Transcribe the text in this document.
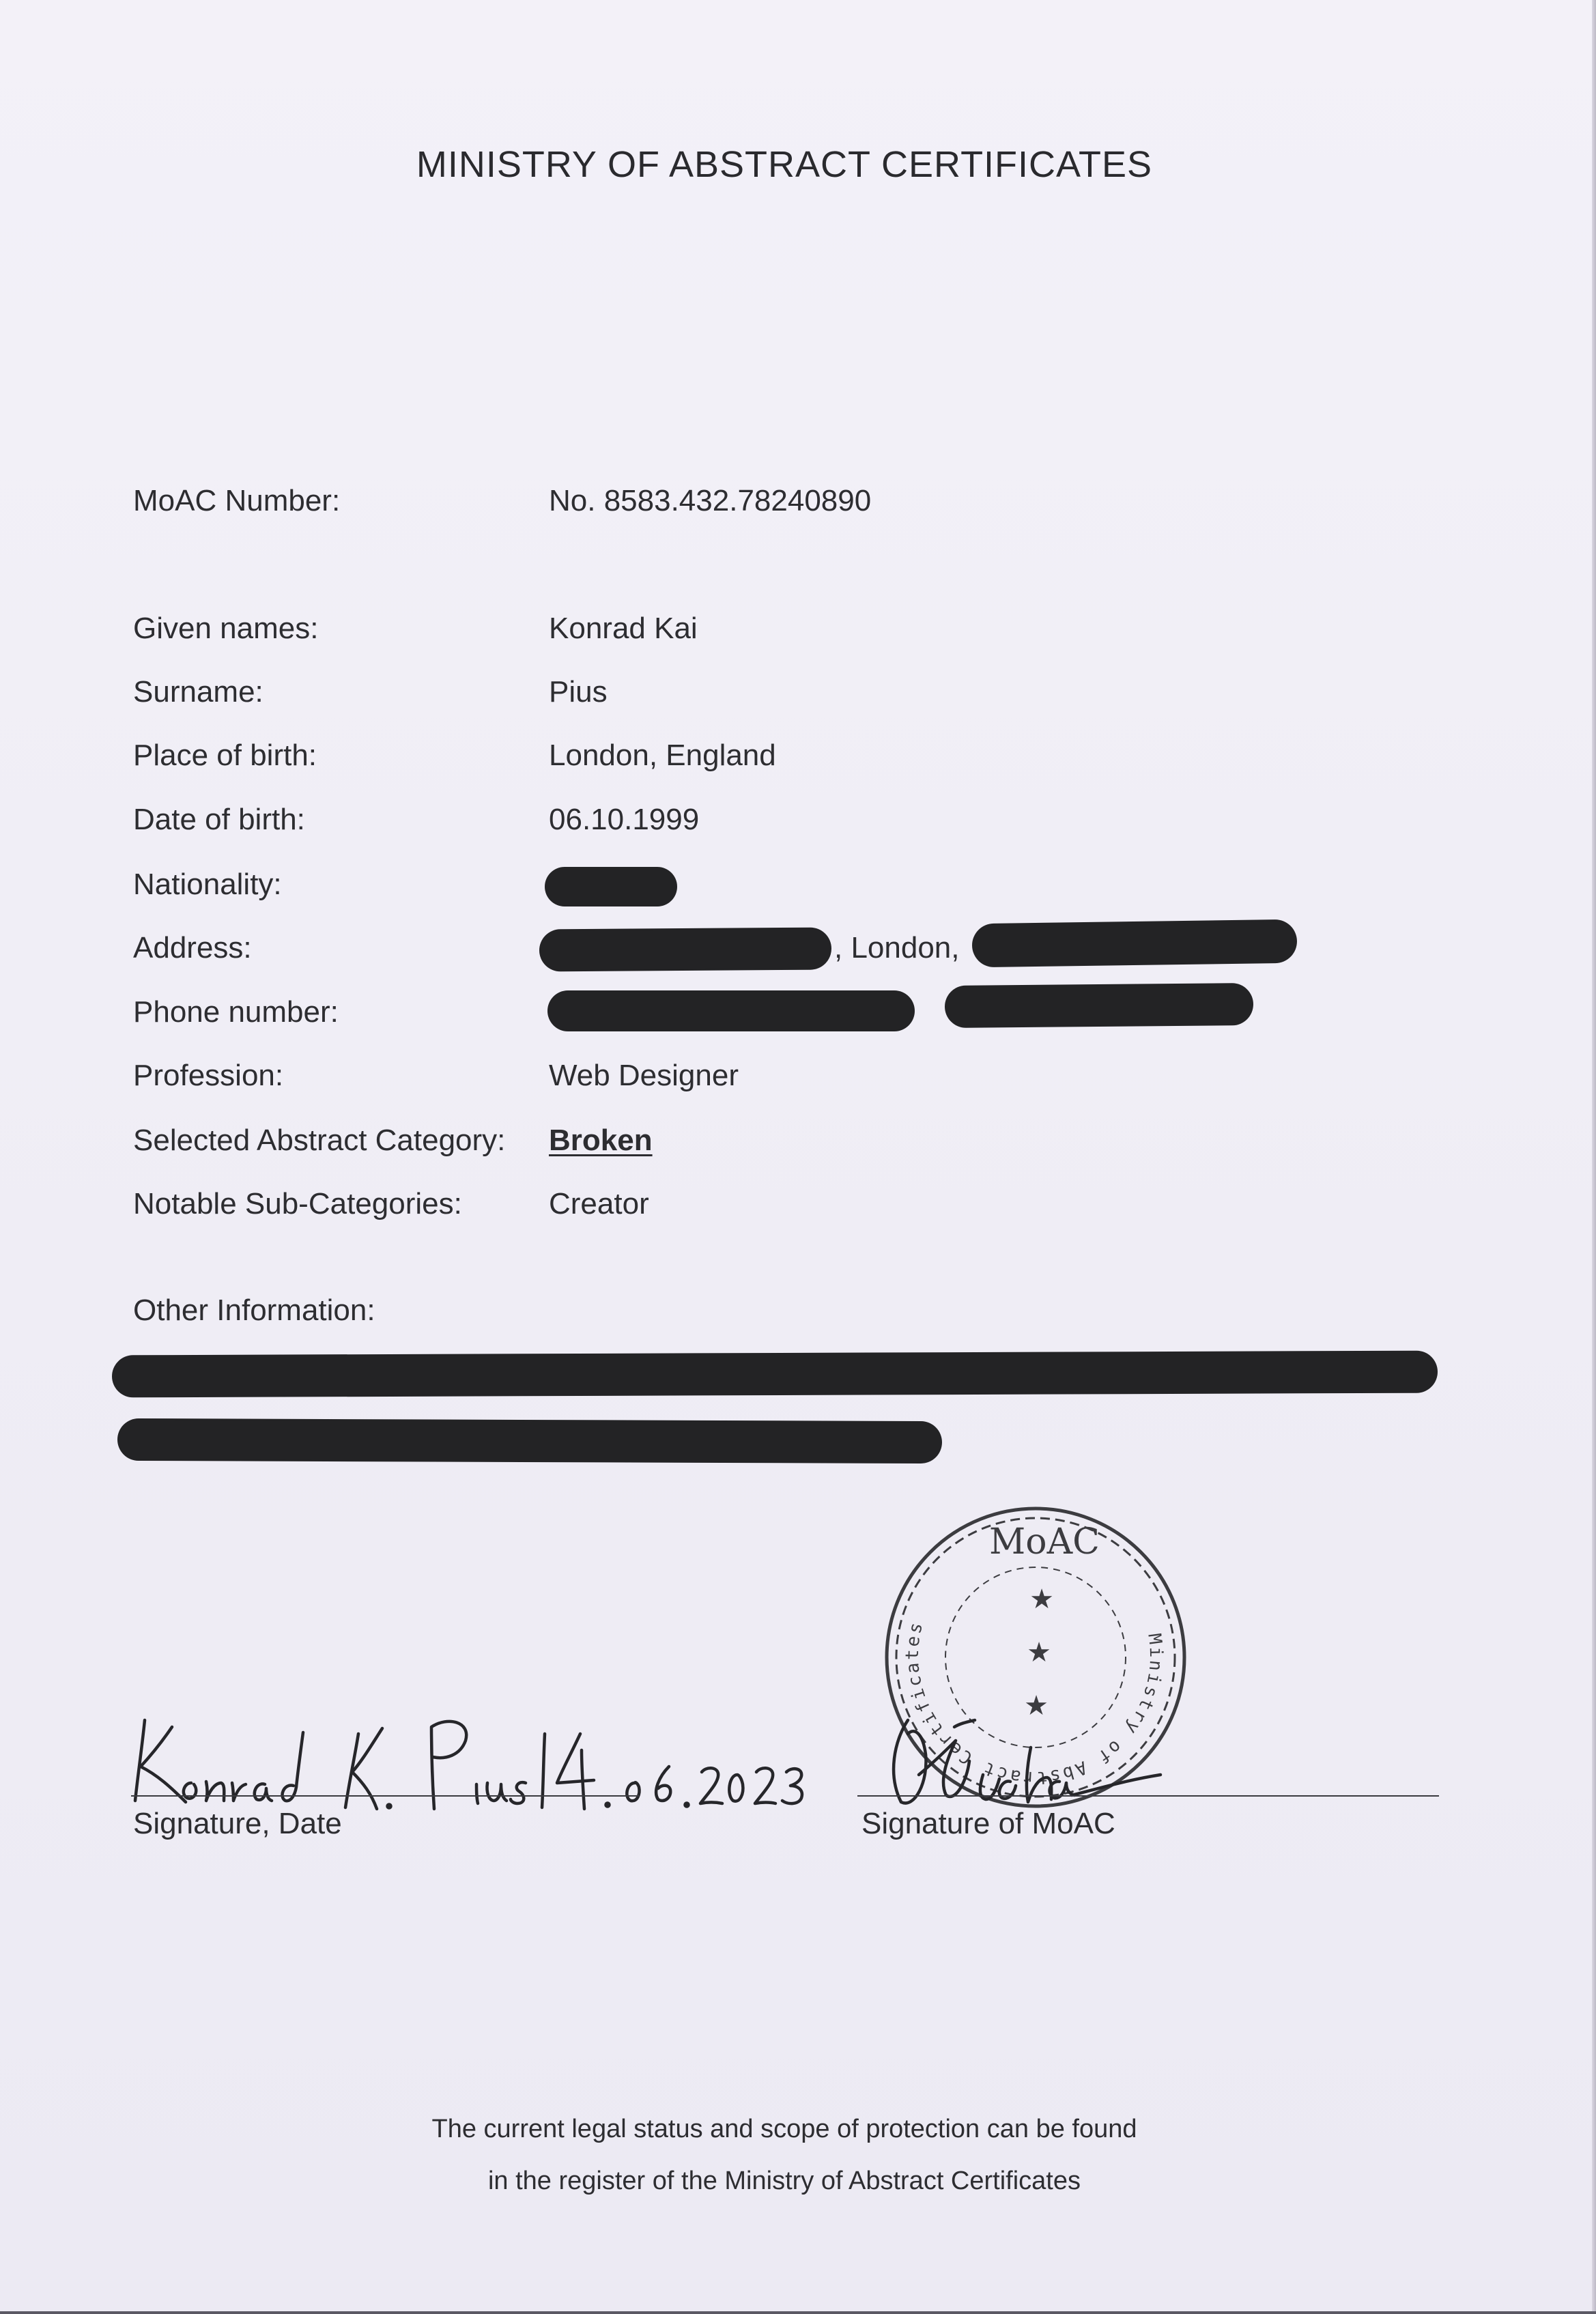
MINISTRY OF ABSTRACT CERTIFICATES
MoAC Number:	No. 8583.432.78240890
Given names:	Konrad Kai
Surname:	Pius
Place of birth:	London, England
Date of birth:	06.10.1999
Nationality:
Address:	, London,
Phone number:
Profession:	Web Designer
Selected Abstract Category: Broken
Notable Sub-Categories:	Creator
Other Information:
MoAC
★
★
★
Ministry of Abstract Certificates
Signature, Date	Signature of MoAC
The current legal status and scope of protection can be found
in the register of the Ministry of Abstract Certificates
